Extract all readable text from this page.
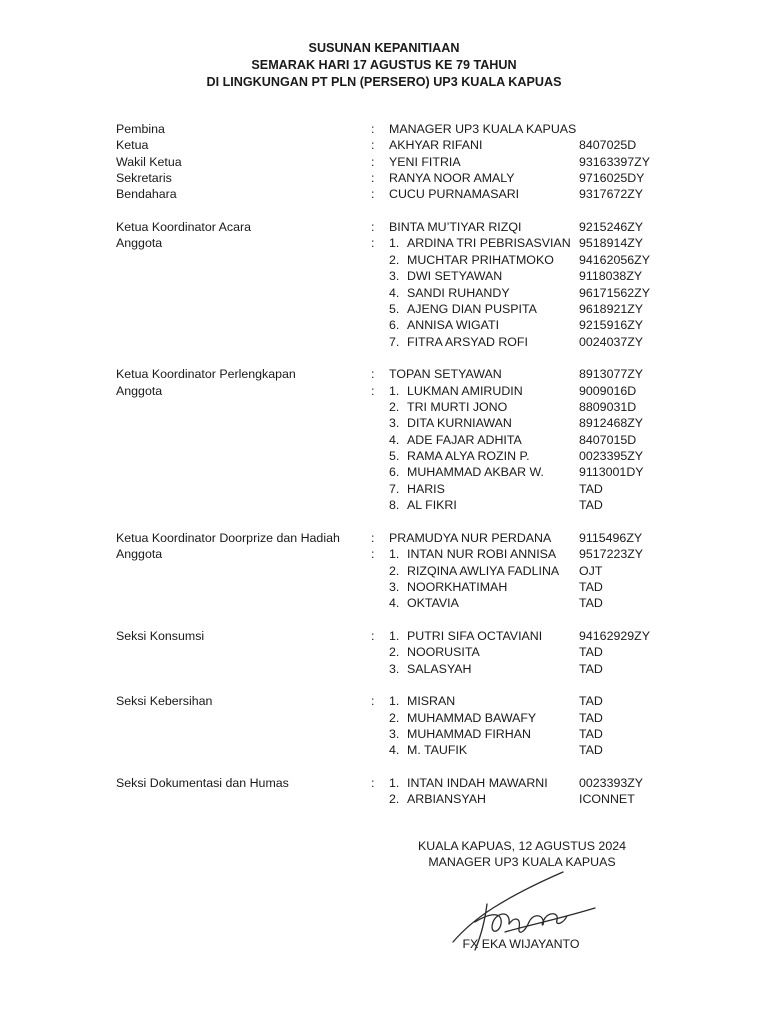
SUSUNAN KEPANITIAAN
SEMARAK HARI 17 AGUSTUS KE 79 TAHUN
DI LINGKUNGAN PT PLN (PERSERO) UP3 KUALA KAPUAS
Pembina	: MANAGER UP3 KUALA KAPUAS
Ketua	: AKHYAR RIFANI	8407025D
Wakil Ketua	: YENI FITRIA	93163397ZY
Sekretaris	: RANYA NOOR AMALY	9716025DY
Bendahara	: CUCU PURNAMASARI	9317672ZY
Ketua Koordinator Acara	: BINTA MU’TIYAR RIZQI	9215246ZY
Anggota	: 1. ARDINA TRI PEBRISASVIAN 9518914ZY
2. MUCHTAR PRIHATMOKO 94162056ZY
3. DWI SETYAWAN	9118038ZY
4. SANDI RUHANDY	96171562ZY
5. AJENG DIAN PUSPITA	9618921ZY
6. ANNISA WIGATI	9215916ZY
7. FITRA ARSYAD ROFI	0024037ZY
Ketua Koordinator Perlengkapan	: TOPAN SETYAWAN	8913077ZY
Anggota	: 1. LUKMAN AMIRUDIN	9009016D
2. TRI MURTI JONO	8809031D
3. DITA KURNIAWAN	8912468ZY
4. ADE FAJAR ADHITA	8407015D
5. RAMA ALYA ROZIN P.	0023395ZY
6. MUHAMMAD AKBAR W.	9113001DY
7. HARIS	TAD
8. AL FIKRI	TAD
Ketua Koordinator Doorprize dan Hadiah	: PRAMUDYA NUR PERDANA 9115496ZY
Anggota	: 1. INTAN NUR ROBI ANNISA 9517223ZY
2. RIZQINA AWLIYA FADLINA OJT
3. NOORKHATIMAH	TAD
4. OKTAVIA	TAD
Seksi Konsumsi	: 1. PUTRI SIFA OCTAVIANI	94162929ZY
2. NOORUSITA	TAD
3. SALASYAH	TAD
Seksi Kebersihan	: 1. MISRAN	TAD
2. MUHAMMAD BAWAFY	TAD
3. MUHAMMAD FIRHAN	TAD
4. M. TAUFIK	TAD
Seksi Dokumentasi dan Humas	: 1. INTAN INDAH MAWARNI	0023393ZY
2. ARBIANSYAH	ICONNET
KUALA KAPUAS, 12 AGUSTUS 2024
MANAGER UP3 KUALA KAPUAS
FX EKA WIJAYANTO
